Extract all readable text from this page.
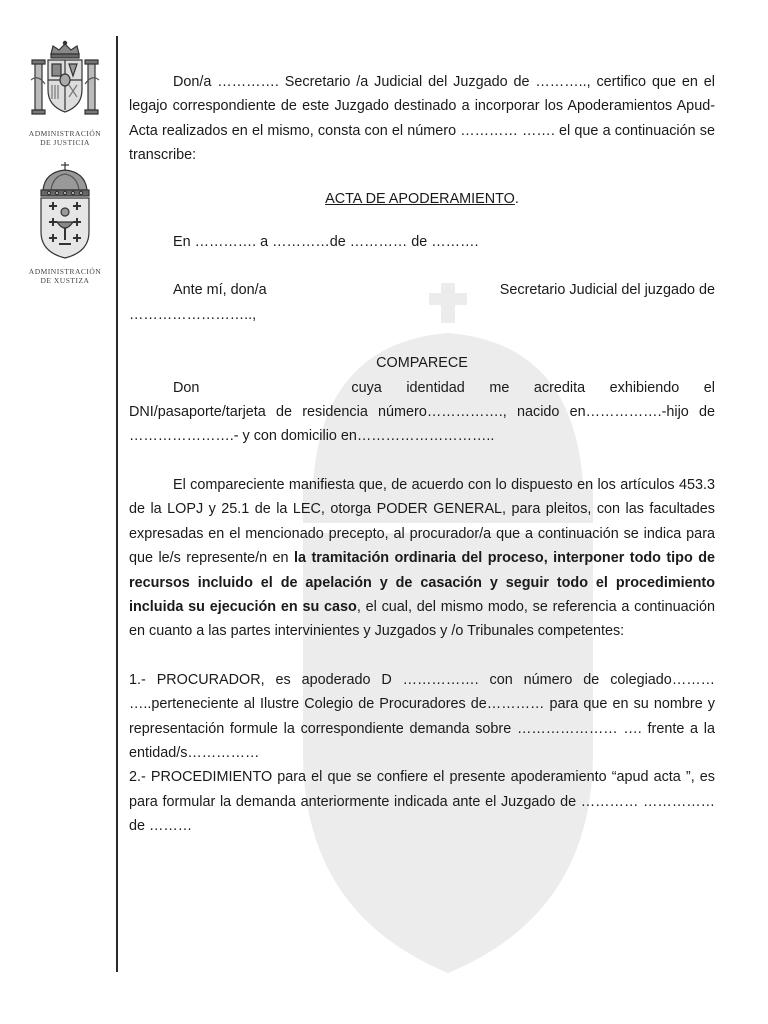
ADMINISTRACIÓN
DE JUSTICIA
ADMINISTRACIÓN
DE XUSTIZA

Don/a …………. Secretario /a Judicial del Juzgado de ……….., certifico que en el legajo correspondiente de este Juzgado destinado a incorporar los Apoderamientos Apud-Acta realizados en el mismo, consta con el número ………… ……. el que a continuación se transcribe:

ACTA DE APODERAMIENTO.

En …………. a …………de ………… de ……….

Ante mí, don/a	Secretario Judicial del juzgado de

……………………..,

COMPARECE

Don	cuya identidad me acredita exhibiendo el DNI/pasaporte/tarjeta de residencia número……………., nacido en…………….-hijo de ………………….- y con domicilio en………………………..

El compareciente manifiesta que, de acuerdo con lo dispuesto en los artículos 453.3 de la LOPJ y 25.1 de la LEC, otorga PODER GENERAL, para pleitos, con las facultades expresadas en el mencionado precepto, al procurador/a que a continuación se indica para que le/s represente/n en la tramitación ordinaria del proceso, interponer todo tipo de recursos incluido el de apelación y de casación y seguir todo el procedimiento incluida su ejecución en su caso, el cual, del mismo modo, se referencia a continuación en cuanto a las partes intervinientes y Juzgados y /o Tribunales competentes:

1.- PROCURADOR, es apoderado D ……………. con número de colegiado……… …..perteneciente al Ilustre Colegio de Procuradores de………… para que en su nombre y representación formule la correspondiente demanda sobre ………………… …. frente a la entidad/s……………

2.- PROCEDIMIENTO para el que se confiere el presente apoderamiento “apud acta ”, es para formular la demanda anteriormente indicada ante el Juzgado de ………… …………… de ………
